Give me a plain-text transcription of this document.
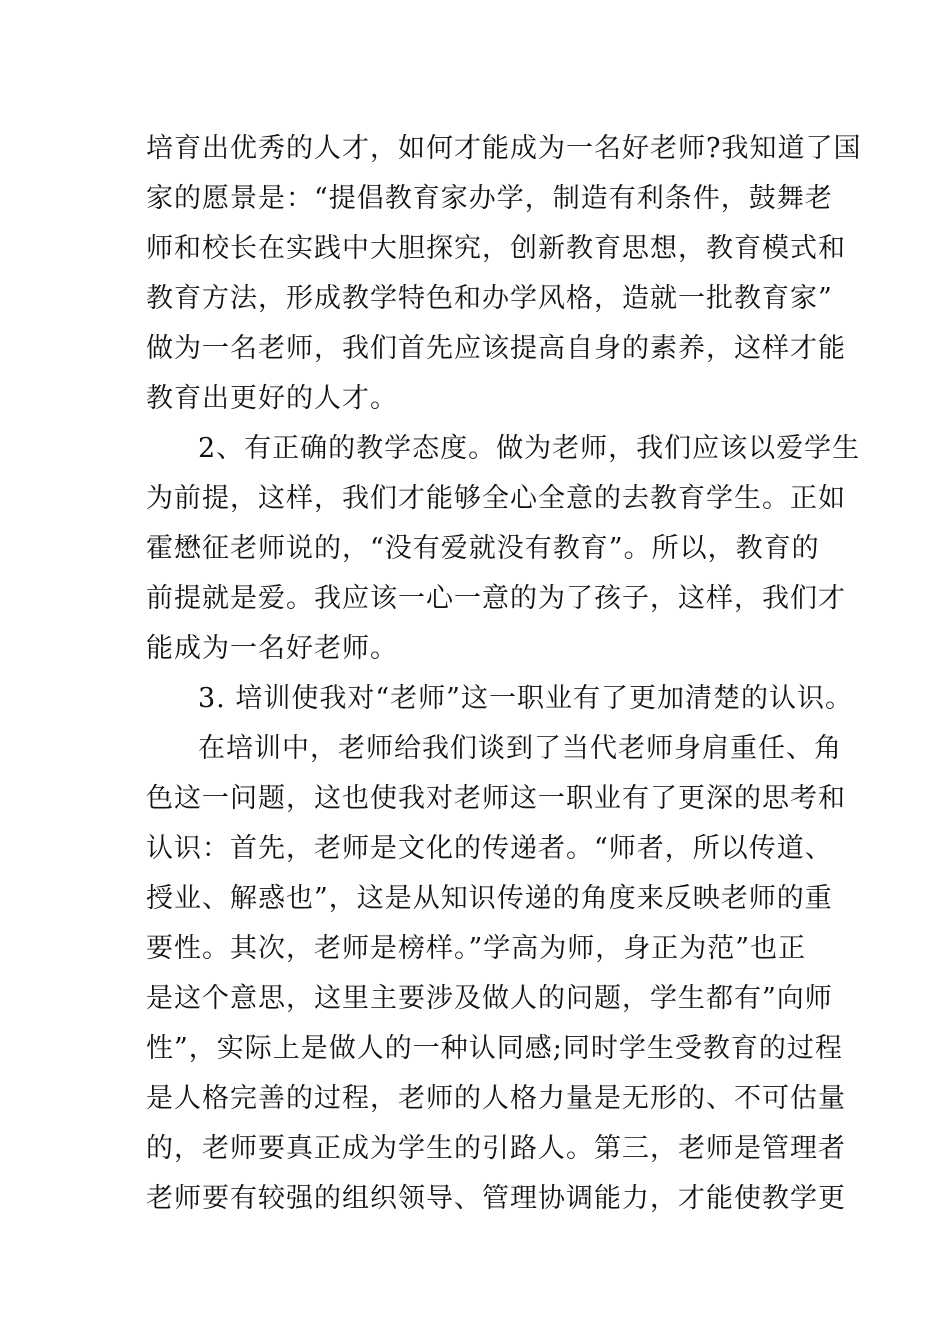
培育出优秀的人才，如何才能成为一名好老师?我知道了国
家的愿景是：“提倡教育家办学，制造有利条件，鼓舞老
师和校长在实践中大胆探究，创新教育思想，教育模式和
教育方法，形成教学特色和办学风格，造就一批教育家”
做为一名老师，我们首先应该提高自身的素养，这样才能
教育出更好的人才。
2、有正确的教学态度。做为老师，我们应该以爱学生
为前提，这样，我们才能够全心全意的去教育学生。正如
霍懋征老师说的，“没有爱就没有教育”。所以，教育的
前提就是爱。我应该一心一意的为了孩子，这样，我们才
能成为一名好老师。
3. 培训使我对“老师”这一职业有了更加清楚的认识。
在培训中，老师给我们谈到了当代老师身肩重任、角
色这一问题，这也使我对老师这一职业有了更深的思考和
认识：首先，老师是文化的传递者。“师者，所以传道、
授业、解惑也”，这是从知识传递的角度来反映老师的重
要性。其次，老师是榜样。”学高为师，身正为范”也正
是这个意思，这里主要涉及做人的问题，学生都有”向师
性”，实际上是做人的一种认同感;同时学生受教育的过程
是人格完善的过程，老师的人格力量是无形的、不可估量
的，老师要真正成为学生的引路人。第三，老师是管理者
老师要有较强的组织领导、管理协调能力，才能使教学更
